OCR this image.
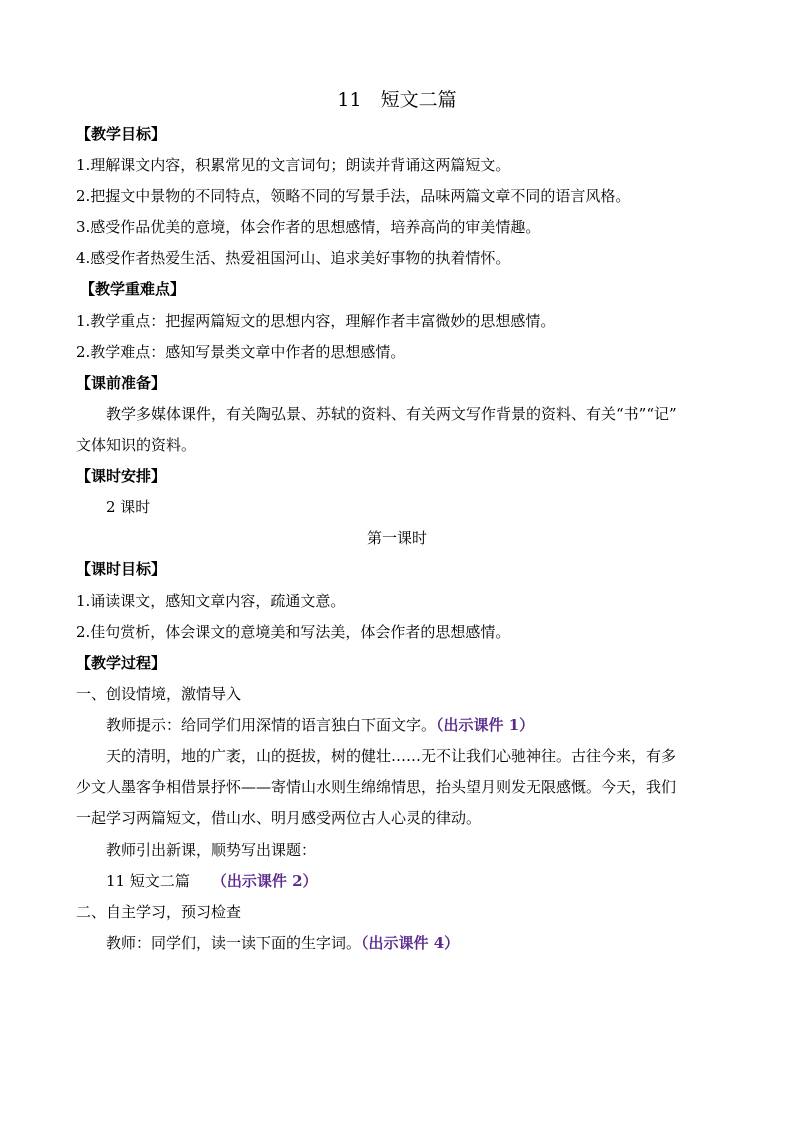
11　短文二篇
【教学目标】
1.理解课文内容，积累常见的文言词句；朗读并背诵这两篇短文。
2.把握文中景物的不同特点，领略不同的写景手法，品味两篇文章不同的语言风格。
3.感受作品优美的意境，体会作者的思想感情，培养高尚的审美情趣。
4.感受作者热爱生活、热爱祖国河山、追求美好事物的执着情怀。
【教学重难点】
1.教学重点：把握两篇短文的思想内容，理解作者丰富微妙的思想感情。
2.教学难点：感知写景类文章中作者的思想感情。
【课前准备】
教学多媒体课件，有关陶弘景、苏轼的资料、有关两文写作背景的资料、有关“书”“记”
文体知识的资料。
【课时安排】
2 课时
第一课时
【课时目标】
1.诵读课文，感知文章内容，疏通文意。
2.佳句赏析，体会课文的意境美和写法美，体会作者的思想感情。
【教学过程】
一、创设情境，激情导入
教师提示：给同学们用深情的语言独白下面文字。（出示课件 1）
天的清明，地的广袤，山的挺拔，树的健壮……无不让我们心驰神往。古往今来，有多
少文人墨客争相借景抒怀——寄情山水则生绵绵情思，抬头望月则发无限感慨。今天，我们
一起学习两篇短文，借山水、明月感受两位古人心灵的律动。
教师引出新课，顺势写出课题：
11 短文二篇 （出示课件 2）
二、自主学习，预习检查
教师：同学们，读一读下面的生字词。（出示课件 4）
